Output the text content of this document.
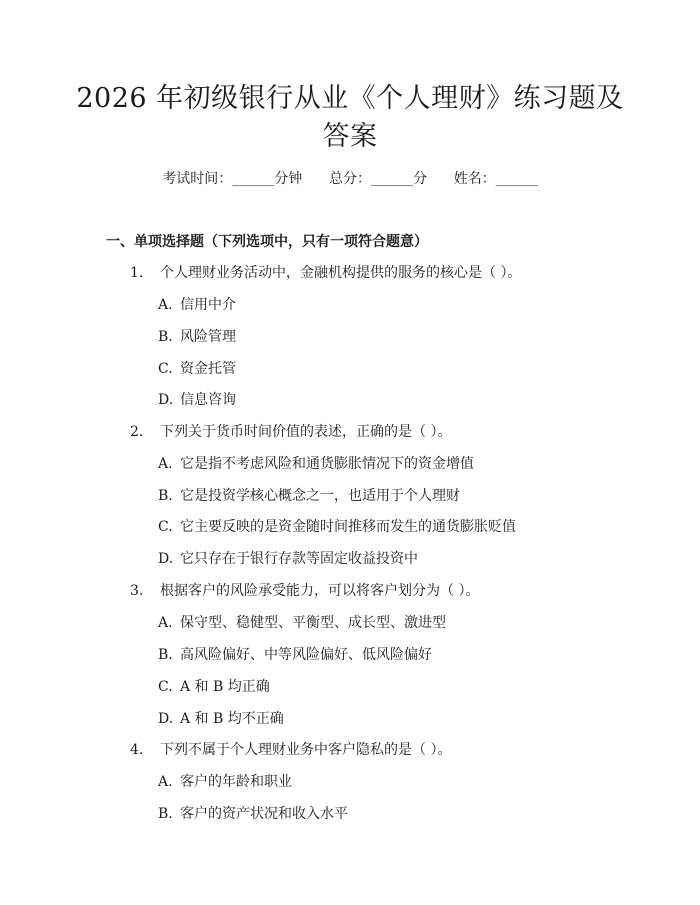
2026 年初级银行从业《个人理财》练习题及
答案
考试时间：______分钟      总分：______分      姓名：______
一、单项选择题（下列选项中，只有一项符合题意）
1. 个人理财业务活动中，金融机构提供的服务的核心是（ ）。
A. 信用中介
B. 风险管理
C. 资金托管
D. 信息咨询
2. 下列关于货币时间价值的表述，正确的是（ ）。
A. 它是指不考虑风险和通货膨胀情况下的资金增值
B. 它是投资学核心概念之一，也适用于个人理财
C. 它主要反映的是资金随时间推移而发生的通货膨胀贬值
D. 它只存在于银行存款等固定收益投资中
3. 根据客户的风险承受能力，可以将客户划分为（ ）。
A. 保守型、稳健型、平衡型、成长型、激进型
B. 高风险偏好、中等风险偏好、低风险偏好
C. A 和 B 均正确
D. A 和 B 均不正确
4. 下列不属于个人理财业务中客户隐私的是（ ）。
A. 客户的年龄和职业
B. 客户的资产状况和收入水平
